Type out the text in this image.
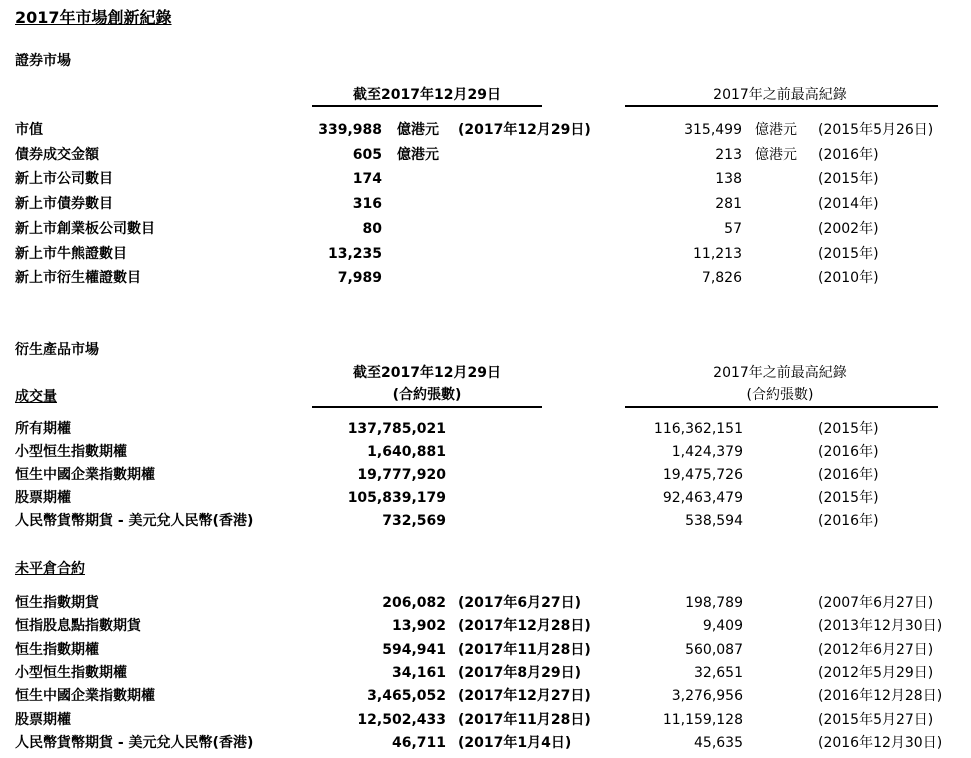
2017年市場創新紀錄
證券市場
截至2017年12月29日	2017年之前最高紀錄
市值	339,988 億港元 (2017年12月29日)	315,499 億港元 (2015年5月26日)
債券成交金額	605 億港元	213 億港元 (2016年)
新上市公司數目	174	138	(2015年)
新上市債券數目	316	281	(2014年)
新上市創業板公司數目	80	57	(2002年)
新上市牛熊證數目	13,235	11,213	(2015年)
新上市衍生權證數目	7,989	7,826	(2010年)
衍生產品市場
截至2017年12月29日
(合約張數)
2017年之前最高紀錄
(合約張數)
成交量
所有期權	137,785,021	116,362,151	(2015年)
小型恒生指數期權	1,640,881	1,424,379	(2016年)
恒生中國企業指數期權	19,777,920	19,475,726	(2016年)
股票期權	105,839,179	92,463,479	(2015年)
人民幣貨幣期貨 - 美元兌人民幣(香港)	732,569	538,594	(2016年)
未平倉合約
恒生指數期貨	206,082 (2017年6月27日)	198,789	(2007年6月27日)
恒指股息點指數期貨	13,902 (2017年12月28日)	9,409	(2013年12月30日)
恒生指數期權	594,941 (2017年11月28日)	560,087	(2012年6月27日)
小型恒生指數期權	34,161 (2017年8月29日)	32,651	(2012年5月29日)
恒生中國企業指數期權	3,465,052 (2017年12月27日)	3,276,956	(2016年12月28日)
股票期權	12,502,433 (2017年11月28日)	11,159,128	(2015年5月27日)
人民幣貨幣期貨 - 美元兌人民幣(香港)	46,711 (2017年1月4日)	45,635	(2016年12月30日)
